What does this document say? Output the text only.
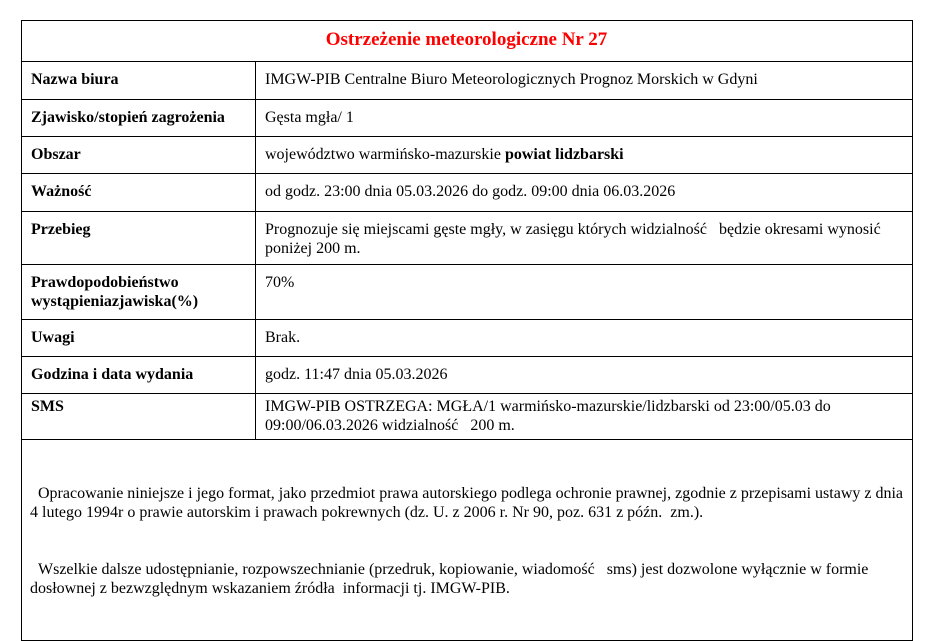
Ostrzeżenie meteorologiczne Nr 27	
Nazwa biura	IMGW-PIB Centralne Biuro Meteorologicznych Prognoz Morskich w Gdyni
Zjawisko/stopień zagrożenia	Gęsta mgła/ 1
Obszar	województwo warmińsko-mazurskie powiat lidzbarski
Ważność	od godz. 23:00 dnia 05.03.2026 do godz. 09:00 dnia 06.03.2026
Przebieg	Prognozuje się miejscami gęste mgły, w zasięgu których widzialność   będzie okresami wynosić  poniżej 200 m.
Prawdopodobieństwo wystąpieniazjawiska(%)	70%
Uwagi	Brak.
Godzina i data wydania	godz. 11:47 dnia 05.03.2026
SMS	IMGW-PIB OSTRZEGA: MGŁA/1 warmińsko-mazurskie/lidzbarski od 23:00/05.03 do 09:00/06.03.2026 widzialność   200 m.

Opracowanie niniejsze i jego format, jako przedmiot prawa autorskiego podlega ochronie prawnej, zgodnie z przepisami ustawy z dnia 4 lutego 1994r o prawie autorskim i prawach pokrewnych (dz. U. z 2006 r. Nr 90, poz. 631 z późn.  zm.).

Wszelkie dalsze udostępnianie, rozpowszechnianie (przedruk, kopiowanie, wiadomość   sms) jest dozwolone wyłącznie w formie dosłownej z bezwzględnym wskazaniem źródła  informacji tj. IMGW-PIB.	
